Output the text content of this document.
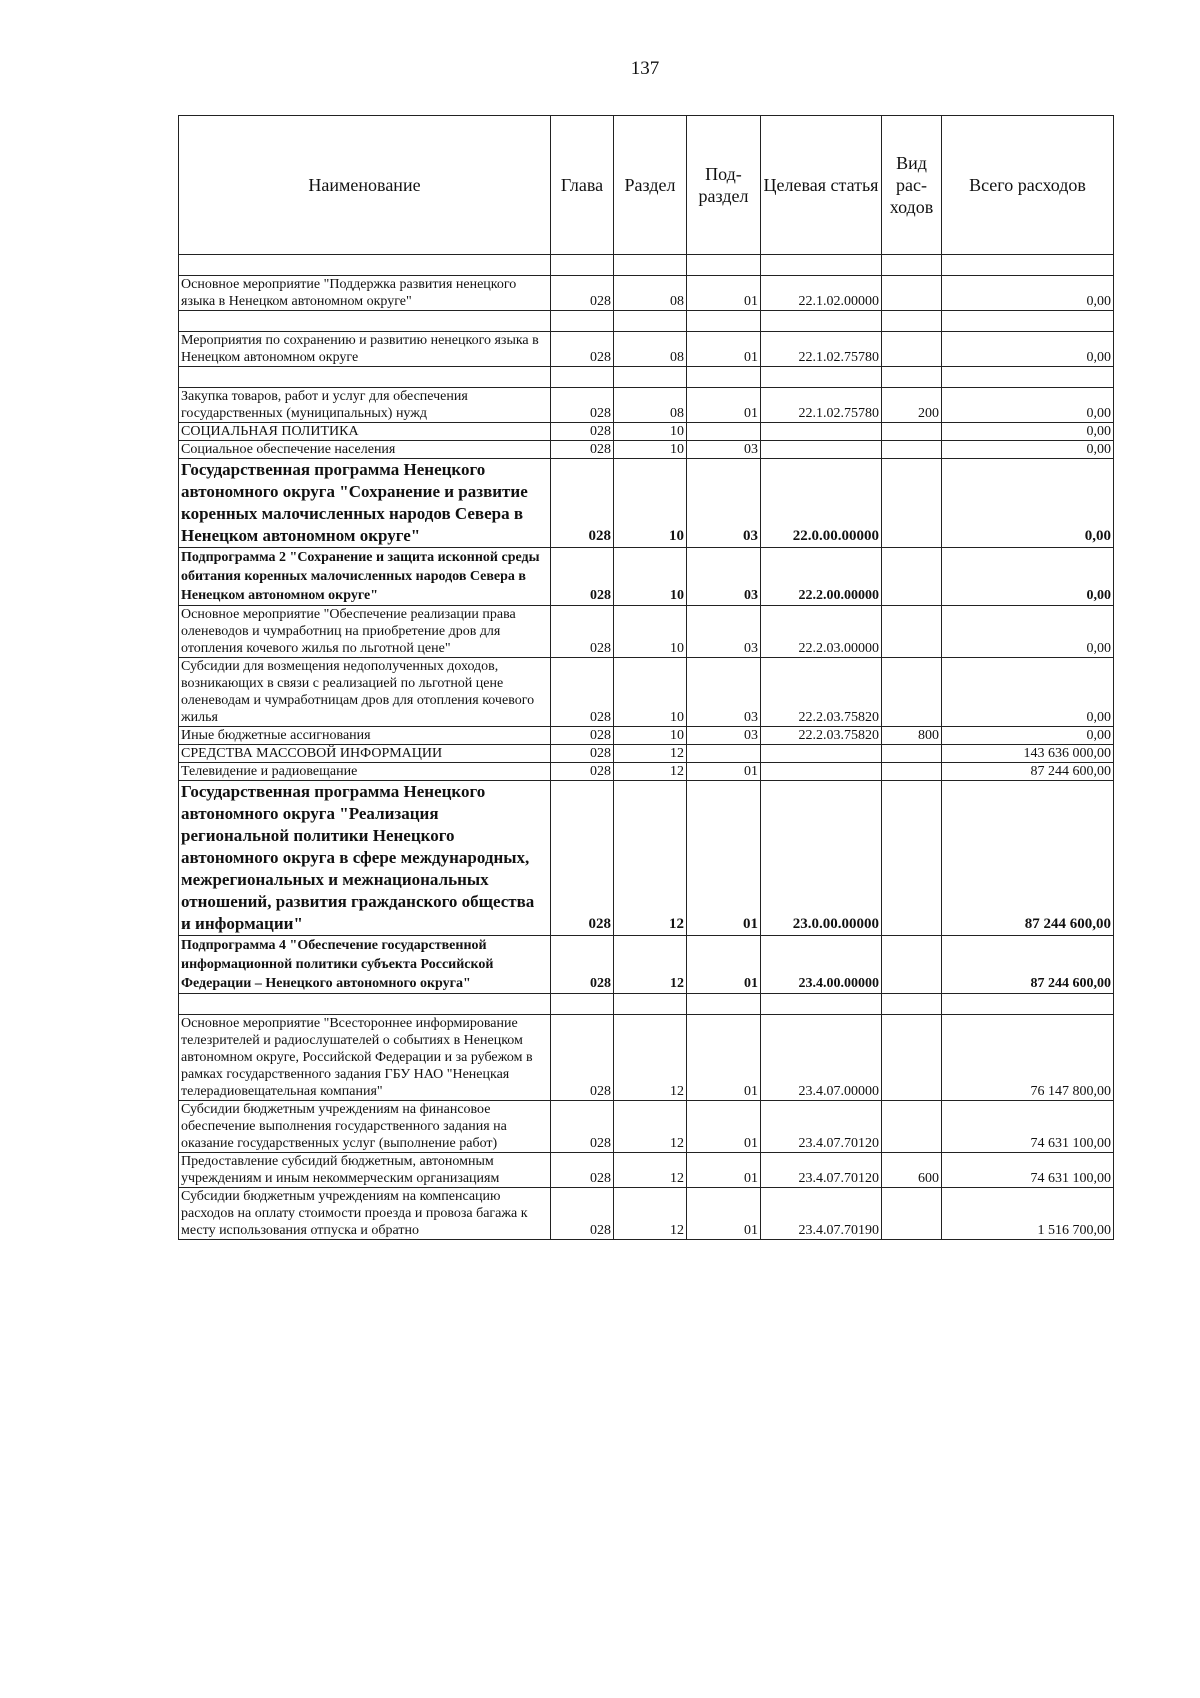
137
Наименование	Глава	Раздел	Под-раздел	Целевая статья	Вид рас-ходов	Всего расходов

Основное мероприятие "Поддержка развития ненецкого языка в Ненецком автономном округе"	028	08	01	22.1.02.00000		0,00

Мероприятия по сохранению и развитию ненецкого языка в Ненецком автономном округе	028	08	01	22.1.02.75780		0,00

Закупка товаров, работ и услуг для обеспечения государственных (муниципальных) нужд	028	08	01	22.1.02.75780	200	0,00
СОЦИАЛЬНАЯ ПОЛИТИКА	028	10				0,00
Социальное обеспечение населения	028	10	03			0,00
Государственная программа Ненецкого автономного округа "Сохранение и развитие коренных малочисленных народов Севера в Ненецком автономном округе"	028	10	03	22.0.00.00000		0,00
Подпрограмма 2 "Сохранение и защита исконной среды обитания коренных малочисленных народов Севера в Ненецком автономном округе"	028	10	03	22.2.00.00000		0,00
Основное мероприятие "Обеспечение реализации права оленеводов и чумработниц на приобретение дров для отопления кочевого жилья по льготной цене"	028	10	03	22.2.03.00000		0,00
Субсидии для возмещения недополученных доходов, возникающих в связи с реализацией по льготной цене оленеводам и чумработницам дров для отопления кочевого жилья	028	10	03	22.2.03.75820		0,00
Иные бюджетные ассигнования	028	10	03	22.2.03.75820	800	0,00
СРЕДСТВА МАССОВОЙ ИНФОРМАЦИИ	028	12				143 636 000,00
Телевидение и радиовещание	028	12	01			87 244 600,00
Государственная программа Ненецкого автономного округа "Реализация региональной политики Ненецкого автономного округа в сфере международных, межрегиональных и межнациональных отношений, развития гражданского общества и информации"	028	12	01	23.0.00.00000		87 244 600,00
Подпрограмма 4 "Обеспечение государственной информационной политики субъекта Российской Федерации – Ненецкого автономного округа"	028	12	01	23.4.00.00000		87 244 600,00

Основное мероприятие "Всестороннее информирование телезрителей и радиослушателей о событиях в Ненецком автономном округе, Российской Федерации и за рубежом в рамках государственного задания ГБУ НАО "Ненецкая телерадиовещательная компания"	028	12	01	23.4.07.00000		76 147 800,00
Субсидии бюджетным учреждениям на финансовое обеспечение выполнения государственного задания на оказание государственных услуг (выполнение работ)	028	12	01	23.4.07.70120		74 631 100,00
Предоставление субсидий бюджетным, автономным учреждениям и иным некоммерческим организациям	028	12	01	23.4.07.70120	600	74 631 100,00
Субсидии бюджетным учреждениям на компенсацию расходов на оплату стоимости проезда и провоза багажа к месту использования отпуска и обратно	028	12	01	23.4.07.70190		1 516 700,00
